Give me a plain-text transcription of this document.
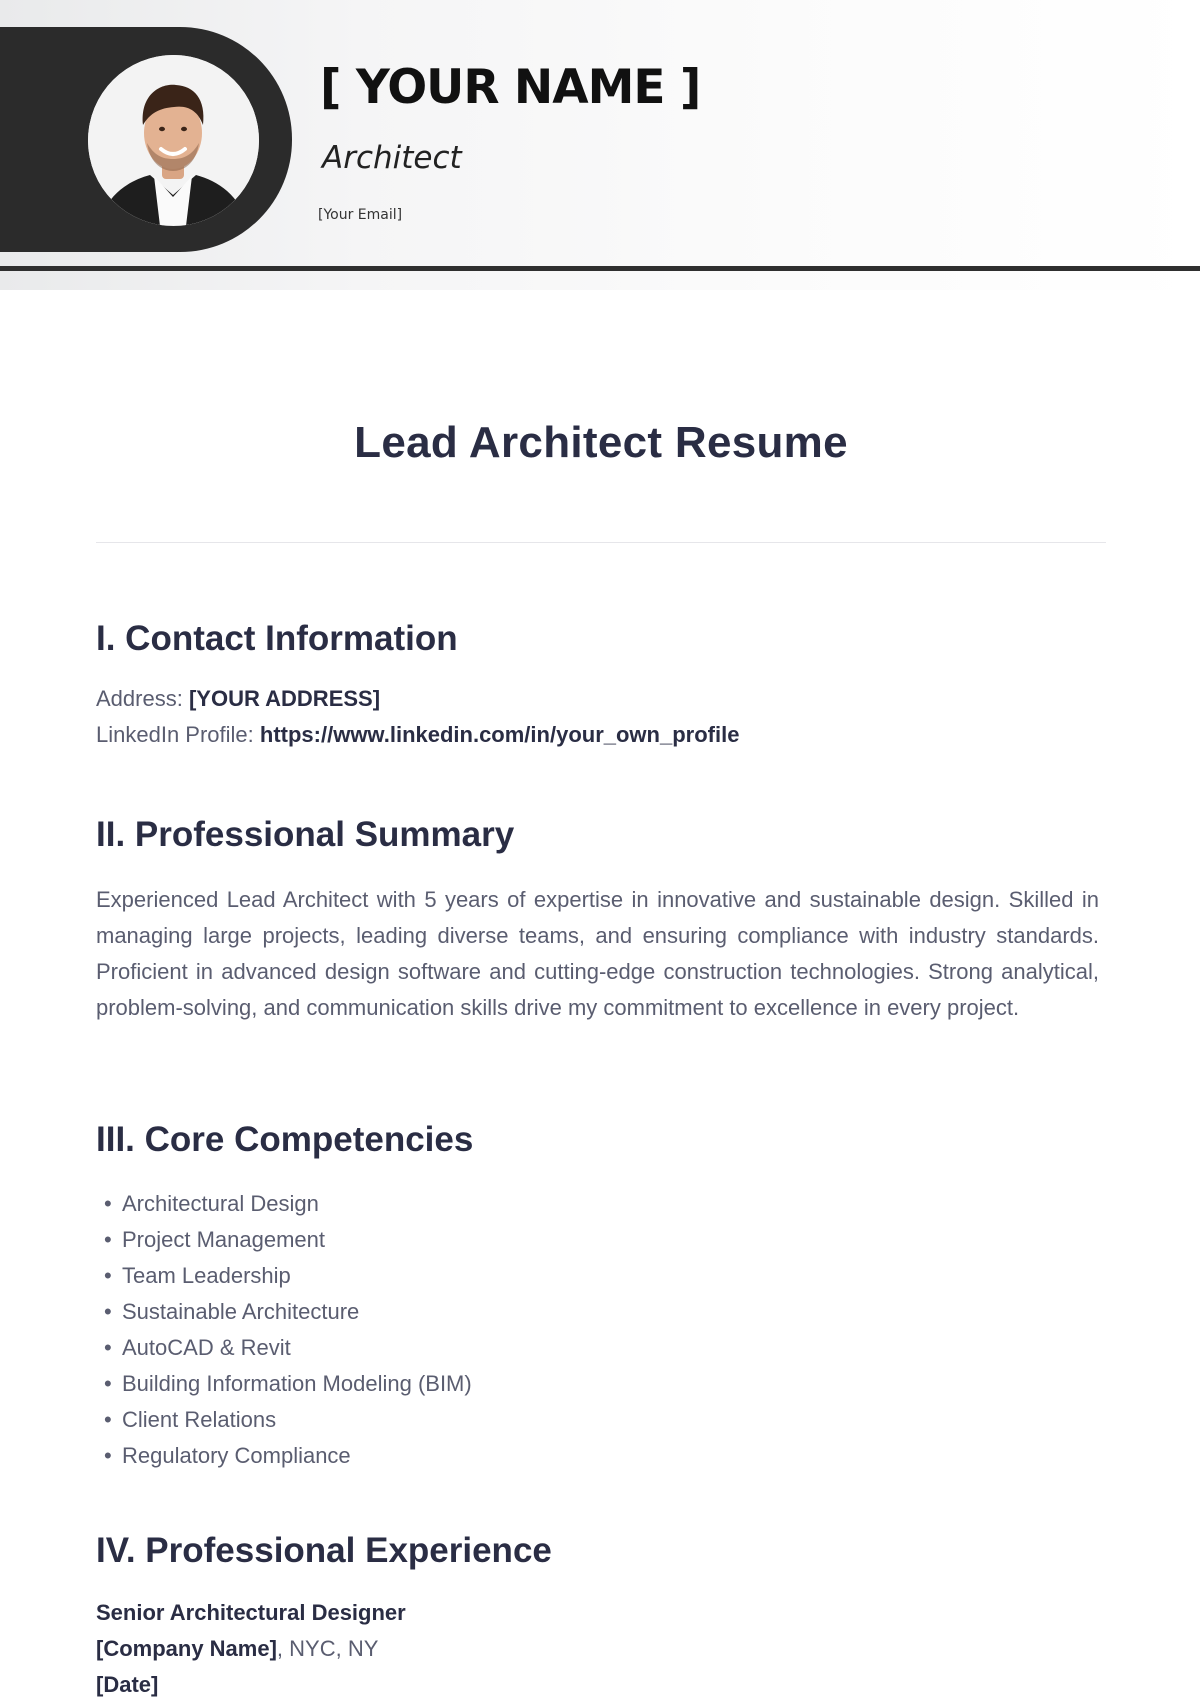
[ YOUR NAME ]
Architect
[Your Email]
Lead Architect Resume
I. Contact Information
Address: [YOUR ADDRESS]
LinkedIn Profile: https://www.linkedin.com/in/your_own_profile
II. Professional Summary
Experienced Lead Architect with 5 years of expertise in innovative and sustainable design. Skilled in managing large projects, leading diverse teams, and ensuring compliance with industry standards. Proficient in advanced design software and cutting-edge construction technologies. Strong analytical, problem-solving, and communication skills drive my commitment to excellence in every project.
III. Core Competencies
• Architectural Design
• Project Management
• Team Leadership
• Sustainable Architecture
• AutoCAD & Revit
• Building Information Modeling (BIM)
• Client Relations
• Regulatory Compliance
IV. Professional Experience
Senior Architectural Designer
[Company Name], NYC, NY
[Date]
